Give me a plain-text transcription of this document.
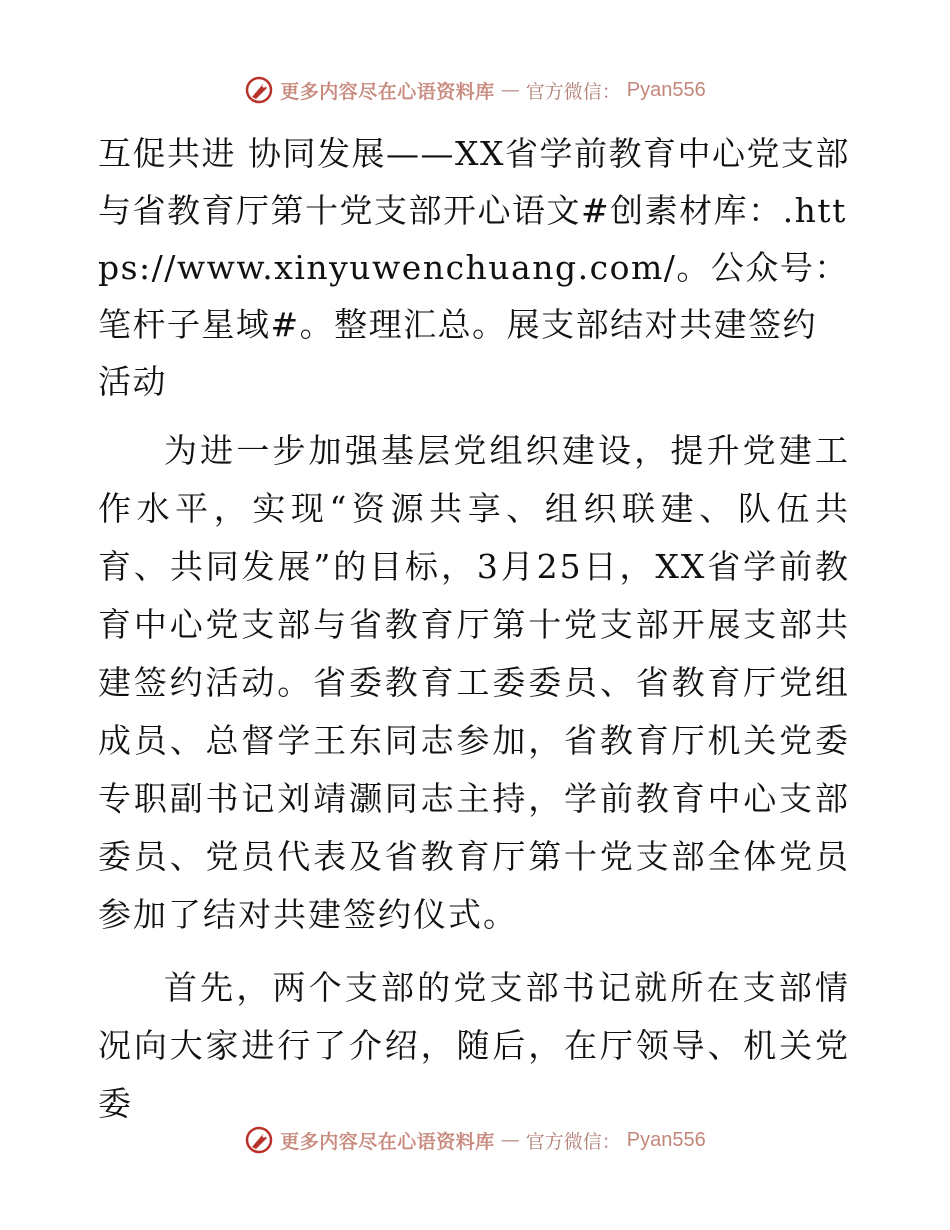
更多内容尽在心语资料库 — 官方微信： Pyan556

互促共进 协同发展——XX省学前教育中心党支部与省教育厅第十党支部开心语文#创素材库：.https://www.xinyuwenchuang.com/。公众号：笔杆子星域#。整理汇总。展支部结对共建签约活动

为进一步加强基层党组织建设，提升党建工作水平，实现“资源共享、组织联建、队伍共育、共同发展”的目标，3月25日，XX省学前教育中心党支部与省教育厅第十党支部开展支部共建签约活动。省委教育工委委员、省教育厅党组成员、总督学王东同志参加，省教育厅机关党委专职副书记刘靖灏同志主持，学前教育中心支部委员、党员代表及省教育厅第十党支部全体党员参加了结对共建签约仪式。

首先，两个支部的党支部书记就所在支部情况向大家进行了介绍，随后，在厅领导、机关党委

更多内容尽在心语资料库 — 官方微信： Pyan556
